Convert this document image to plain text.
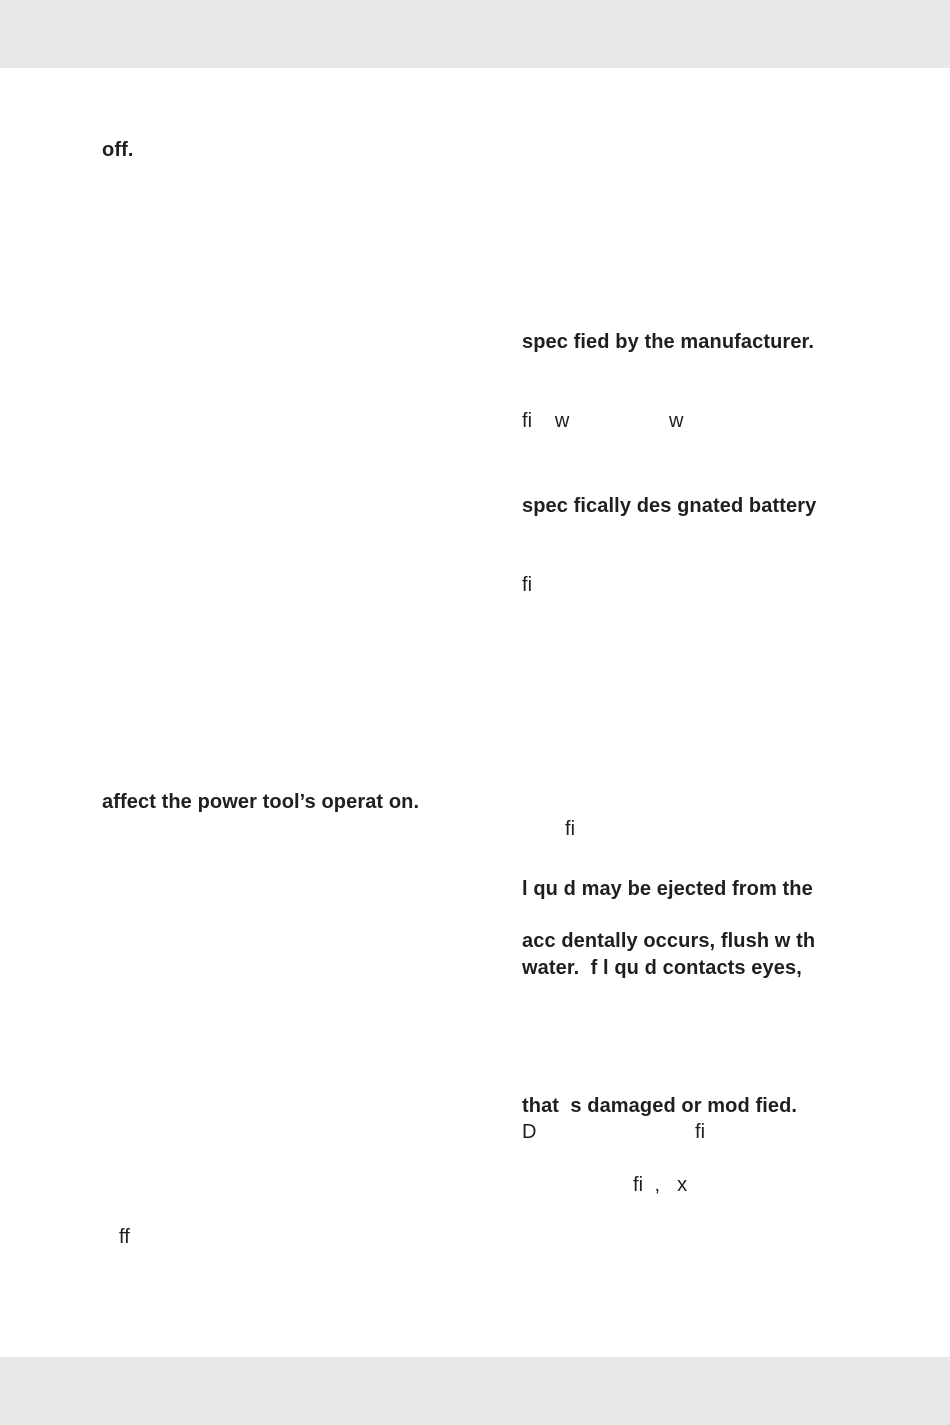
off.
affect the power tool’s operat on.
ff
spec fied by the manufacturer.
fi    w	w
spec fically des gnated battery
fi
fi
l qu d may be ejected from the
acc dentally occurs, flush w th
water.  f l qu d contacts eyes,
that  s damaged or mod fied.
D	fi
fi  ,   x
